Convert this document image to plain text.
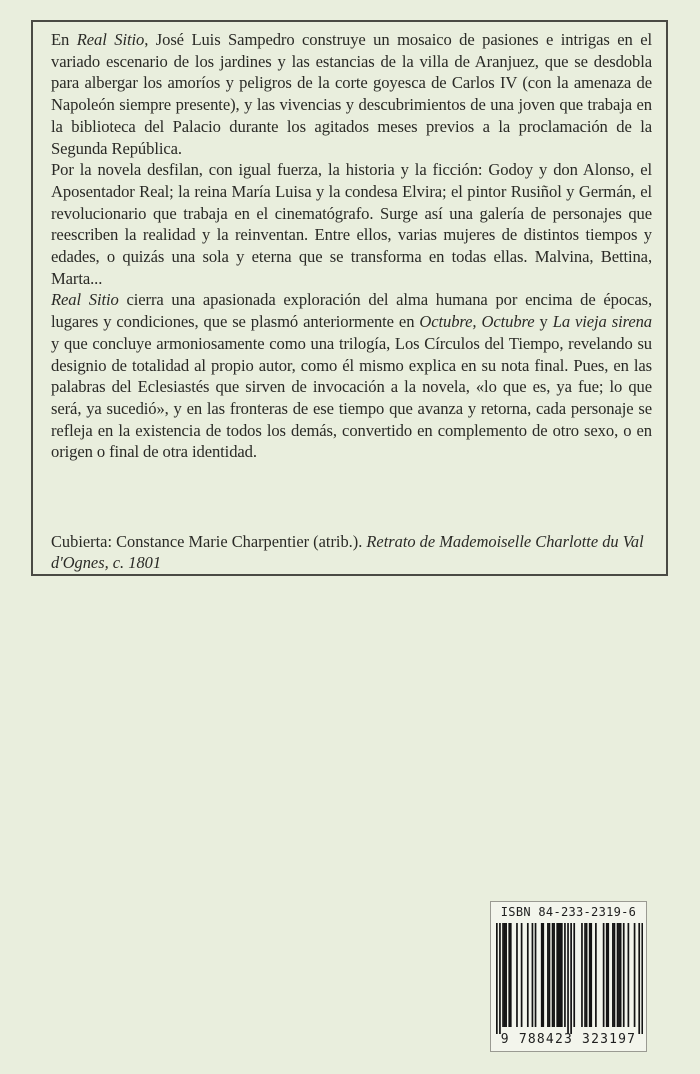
En Real Sitio, José Luis Sampedro construye un mosaico de pasiones e intrigas en el variado escenario de los jardines y las estancias de la villa de Aranjuez, que se desdobla para albergar los amoríos y peligros de la corte goyesca de Carlos IV (con la amenaza de Napoleón siempre presente), y las vivencias y descubrimientos de una joven que trabaja en la biblioteca del Palacio durante los agitados meses previos a la proclamación de la Segunda República.

Por la novela desfilan, con igual fuerza, la historia y la ficción: Godoy y don Alonso, el Aposentador Real; la reina María Luisa y la condesa Elvira; el pintor Rusiñol y Germán, el revolucionario que trabaja en el cinematógrafo. Surge así una galería de personajes que reescriben la realidad y la reinventan. Entre ellos, varias mujeres de distintos tiempos y edades, o quizás una sola y eterna que se transforma en todas ellas. Malvina, Bettina, Marta...

Real Sitio cierra una apasionada exploración del alma humana por encima de épocas, lugares y condiciones, que se plasmó anteriormente en Octubre, Octubre y La vieja sirena y que concluye armoniosamente como una trilogía, Los Círculos del Tiempo, revelando su designio de totalidad al propio autor, como él mismo explica en su nota final. Pues, en las palabras del Eclesiastés que sirven de invocación a la novela, «lo que es, ya fue; lo que será, ya sucedió», y en las fronteras de ese tiempo que avanza y retorna, cada personaje se refleja en la existencia de todos los demás, convertido en complemento de otro sexo, o en origen o final de otra identidad.

Cubierta: Constance Marie Charpentier (atrib.). Retrato de Mademoiselle Charlotte du Val d'Ognes, c. 1801

ISBN 84-233-2319-6
9 788423 323197
